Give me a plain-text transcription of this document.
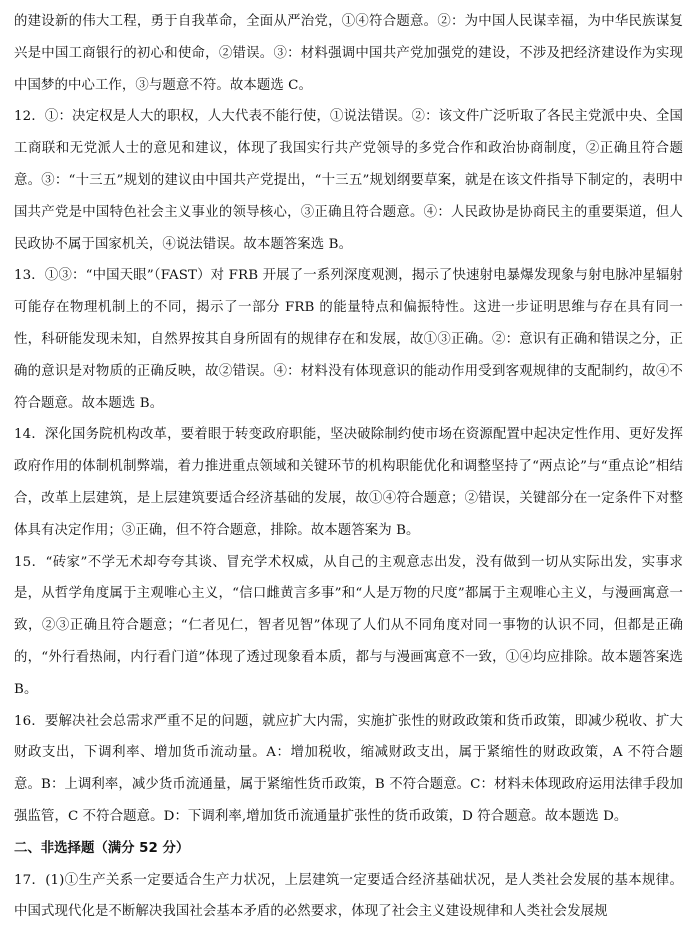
的建设新的伟大工程，勇于自我革命，全面从严治党，①④符合题意。②：为中国人民谋幸福，为中华民族谋复兴是中国工商银行的初心和使命，②错误。③：材料强调中国共产党加强党的建设，不涉及把经济建设作为实现中国梦的中心工作，③与题意不符。故本题选 C。

12．①：决定权是人大的职权，人大代表不能行使，①说法错误。②：该文件广泛听取了各民主党派中央、全国工商联和无党派人士的意见和建议，体现了我国实行共产党领导的多党合作和政治协商制度，②正确且符合题意。③：“十三五”规划的建议由中国共产党提出，“十三五”规划纲要草案，就是在该文件指导下制定的，表明中国共产党是中国特色社会主义事业的领导核心，③正确且符合题意。④：人民政协是协商民主的重要渠道，但人民政协不属于国家机关，④说法错误。故本题答案选 B。

13．①③：“中国天眼”（FAST）对 FRB 开展了一系列深度观测，揭示了快速射电暴爆发现象与射电脉冲星辐射可能存在物理机制上的不同，揭示了一部分 FRB 的能量特点和偏振特性。这进一步证明思维与存在具有同一性，科研能发现未知，自然界按其自身所固有的规律存在和发展，故①③正确。②：意识有正确和错误之分，正确的意识是对物质的正确反映，故②错误。④：材料没有体现意识的能动作用受到客观规律的支配制约，故④不符合题意。故本题选 B。

14．深化国务院机构改革，要着眼于转变政府职能，坚决破除制约使市场在资源配置中起决定性作用、更好发挥政府作用的体制机制弊端，着力推进重点领域和关键环节的机构职能优化和调整坚持了“两点论”与“重点论”相结合，改革上层建筑，是上层建筑要适合经济基础的发展，故①④符合题意；②错误，关键部分在一定条件下对整体具有决定作用；③正确，但不符合题意，排除。故本题答案为 B。

15．“砖家”不学无术却夸夸其谈、冒充学术权威，从自己的主观意志出发，没有做到一切从实际出发，实事求是，从哲学角度属于主观唯心主义，“信口雌黄言多事”和“人是万物的尺度”都属于主观唯心主义，与漫画寓意一致，②③正确且符合题意；“仁者见仁，智者见智”体现了人们从不同角度对同一事物的认识不同，但都是正确的，“外行看热闹，内行看门道”体现了透过现象看本质，都与与漫画寓意不一致，①④均应排除。故本题答案选 B。

16．要解决社会总需求严重不足的问题，就应扩大内需，实施扩张性的财政政策和货币政策，即减少税收、扩大财政支出，下调利率、增加货币流动量。A：增加税收，缩减财政支出，属于紧缩性的财政政策，A 不符合题意。B：上调利率，减少货币流通量，属于紧缩性货币政策，B 不符合题意。C：材料未体现政府运用法律手段加强监管，C 不符合题意。D：下调利率,增加货币流通量扩张性的货币政策，D 符合题意。故本题选 D。

二、非选择题（满分 52 分）

17．(1)①生产关系一定要适合生产力状况，上层建筑一定要适合经济基础状况，是人类社会发展的基本规律。中国式现代化是不断解决我国社会基本矛盾的必然要求，体现了社会主义建设规律和人类社会发展规
